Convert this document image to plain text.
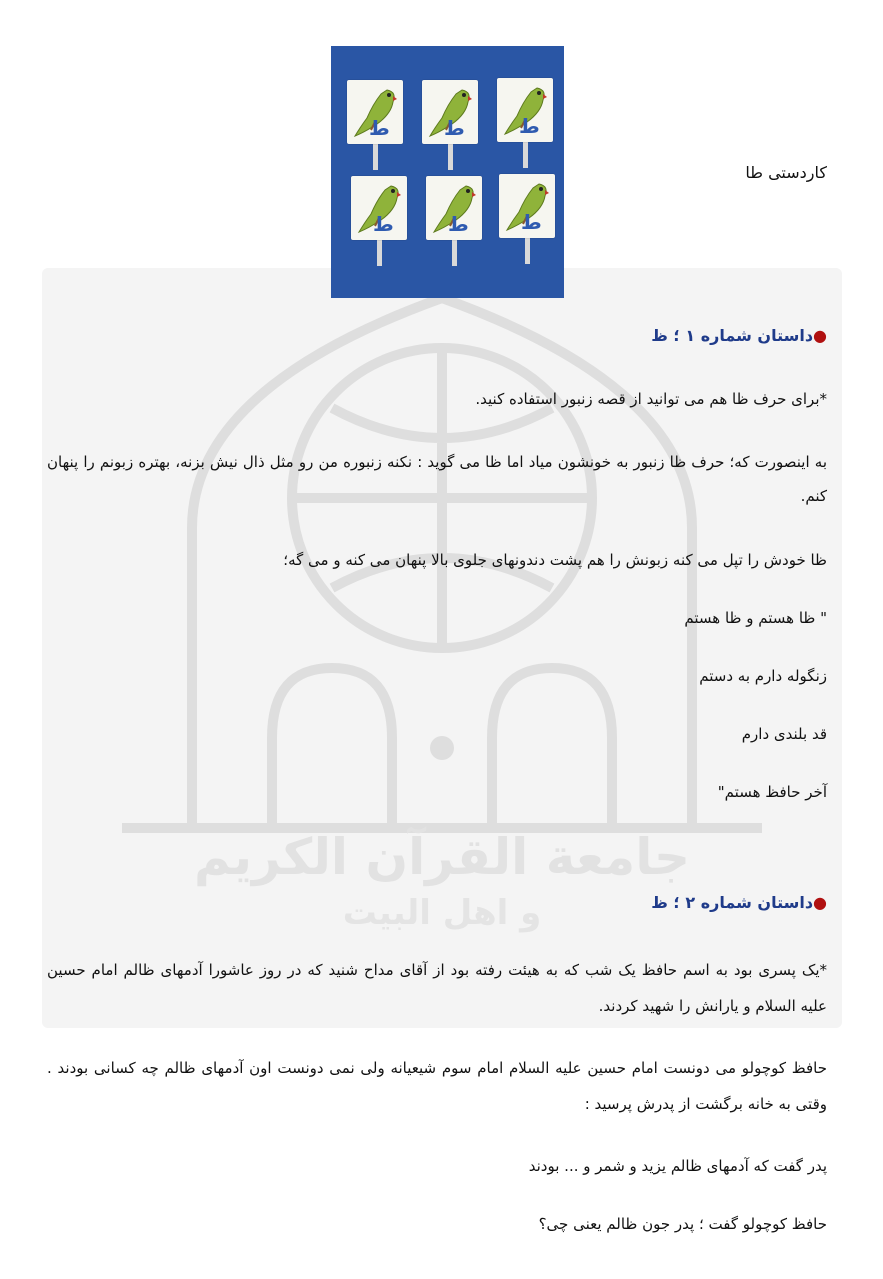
جامعة القرآن الكريم
و اهل البيت
ط	ط	ط
ط	ط	ط
کاردستی طا
●داستان شماره ۱ ؛ ظ
*برای حرف ظا هم می توانید از قصه زنبور استفاده کنید.
به اینصورت که؛ حرف ظا زنبور به خونشون میاد اما ظا می گوید : نکنه زنبوره من رو مثل ذال نیش بزنه، بهتره زبونم را پنهان کنم.
ظا خودش را تپل می کنه زبونش را هم پشت دندونهای جلوی بالا پنهان می کنه و می گه؛
" ظا هستم و ظا هستم
زنگوله دارم به دستم
قد بلندی دارم
آخر حافظ هستم"
●داستان شماره ۲ ؛ ظ
*یک پسری بود به اسم حافظ یک شب که به هیئت رفته بود از آقای مداح شنید که در روز عاشورا آدمهای ظالم امام حسین علیه السلام و یارانش را شهید کردند.
حافظ کوچولو می دونست امام حسین علیه السلام امام سوم شیعیانه ولی نمی دونست اون آدمهای ظالم چه کسانی بودند . وقتی به خانه برگشت از پدرش پرسید :
پدر گفت که آدمهای ظالم یزید و شمر و ... بودند
حافظ کوچولو گفت ؛ پدر جون ظالم یعنی چی؟
